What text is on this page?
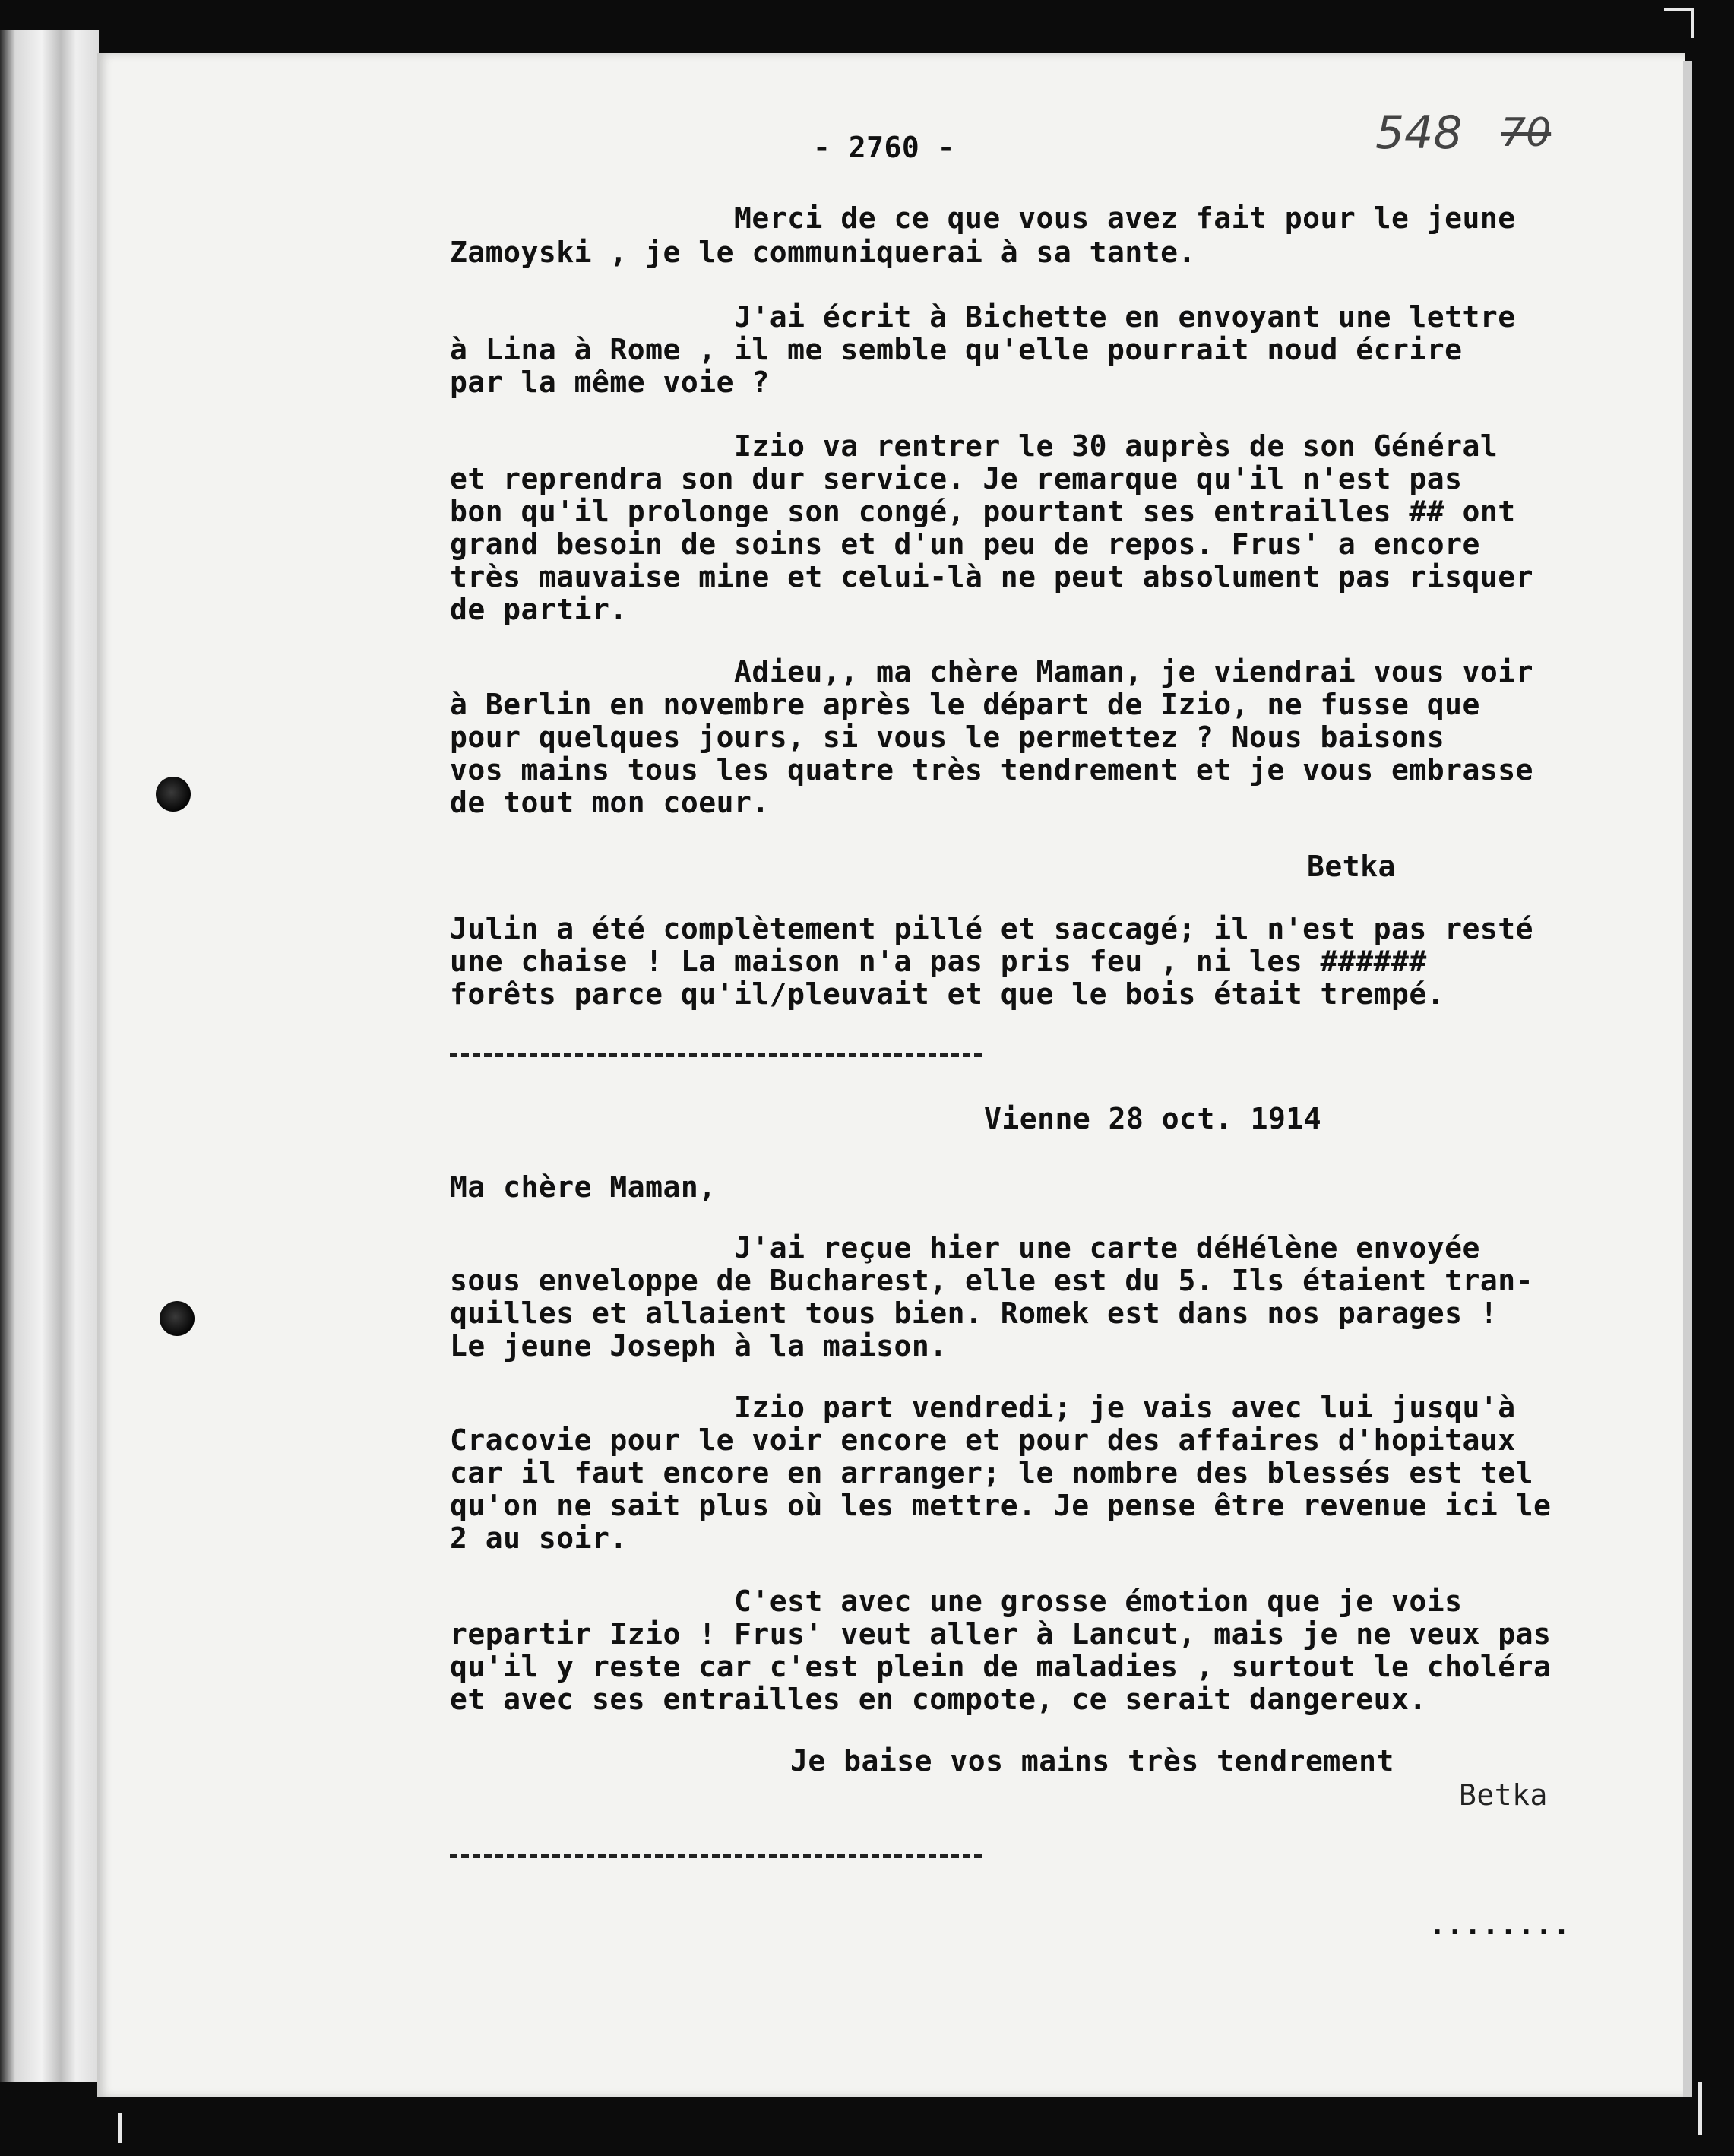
- 2760 -	548 70
Merci de ce que vous avez fait pour le jeune
Zamoyski , je le communiquerai à sa tante.
J'ai écrit à Bichette en envoyant une lettre
à Lina à Rome , il me semble qu'elle pourrait noud écrire
par la même voie ?
Izio va rentrer le 30 auprès de son Général
et reprendra son dur service. Je remarque qu'il n'est pas
bon qu'il prolonge son congé, pourtant ses entrailles ## ont
grand besoin de soins et d'un peu de repos. Frus' a encore
très mauvaise mine et celui-là ne peut absolument pas risquer
de partir.
Adieu,, ma chère Maman, je viendrai vous voir
à Berlin en novembre après le départ de Izio, ne fusse que
pour quelques jours, si vous le permettez ? Nous baisons
vos mains tous les quatre très tendrement et je vous embrasse
de tout mon coeur.
Betka
Julin a été complètement pillé et saccagé; il n'est pas resté
une chaise ! La maison n'a pas pris feu , ni les ######
forêts parce qu'il/pleuvait et que le bois était trempé.
Vienne 28 oct. 1914
Ma chère Maman,
J'ai reçue hier une carte déHélène envoyée
sous enveloppe de Bucharest, elle est du 5. Ils étaient tran-
quilles et allaient tous bien. Romek est dans nos parages !
Le jeune Joseph à la maison.
Izio part vendredi; je vais avec lui jusqu'à
Cracovie pour le voir encore et pour des affaires d'hopitaux
car il faut encore en arranger; le nombre des blessés est tel
qu'on ne sait plus où les mettre. Je pense être revenue ici le
2 au soir.
C'est avec une grosse émotion que je vois
repartir Izio ! Frus' veut aller à Lancut, mais je ne veux pas
qu'il y reste car c'est plein de maladies , surtout le choléra
et avec ses entrailles en compote, ce serait dangereux.
Je baise vos mains très tendrement
Betka
........
